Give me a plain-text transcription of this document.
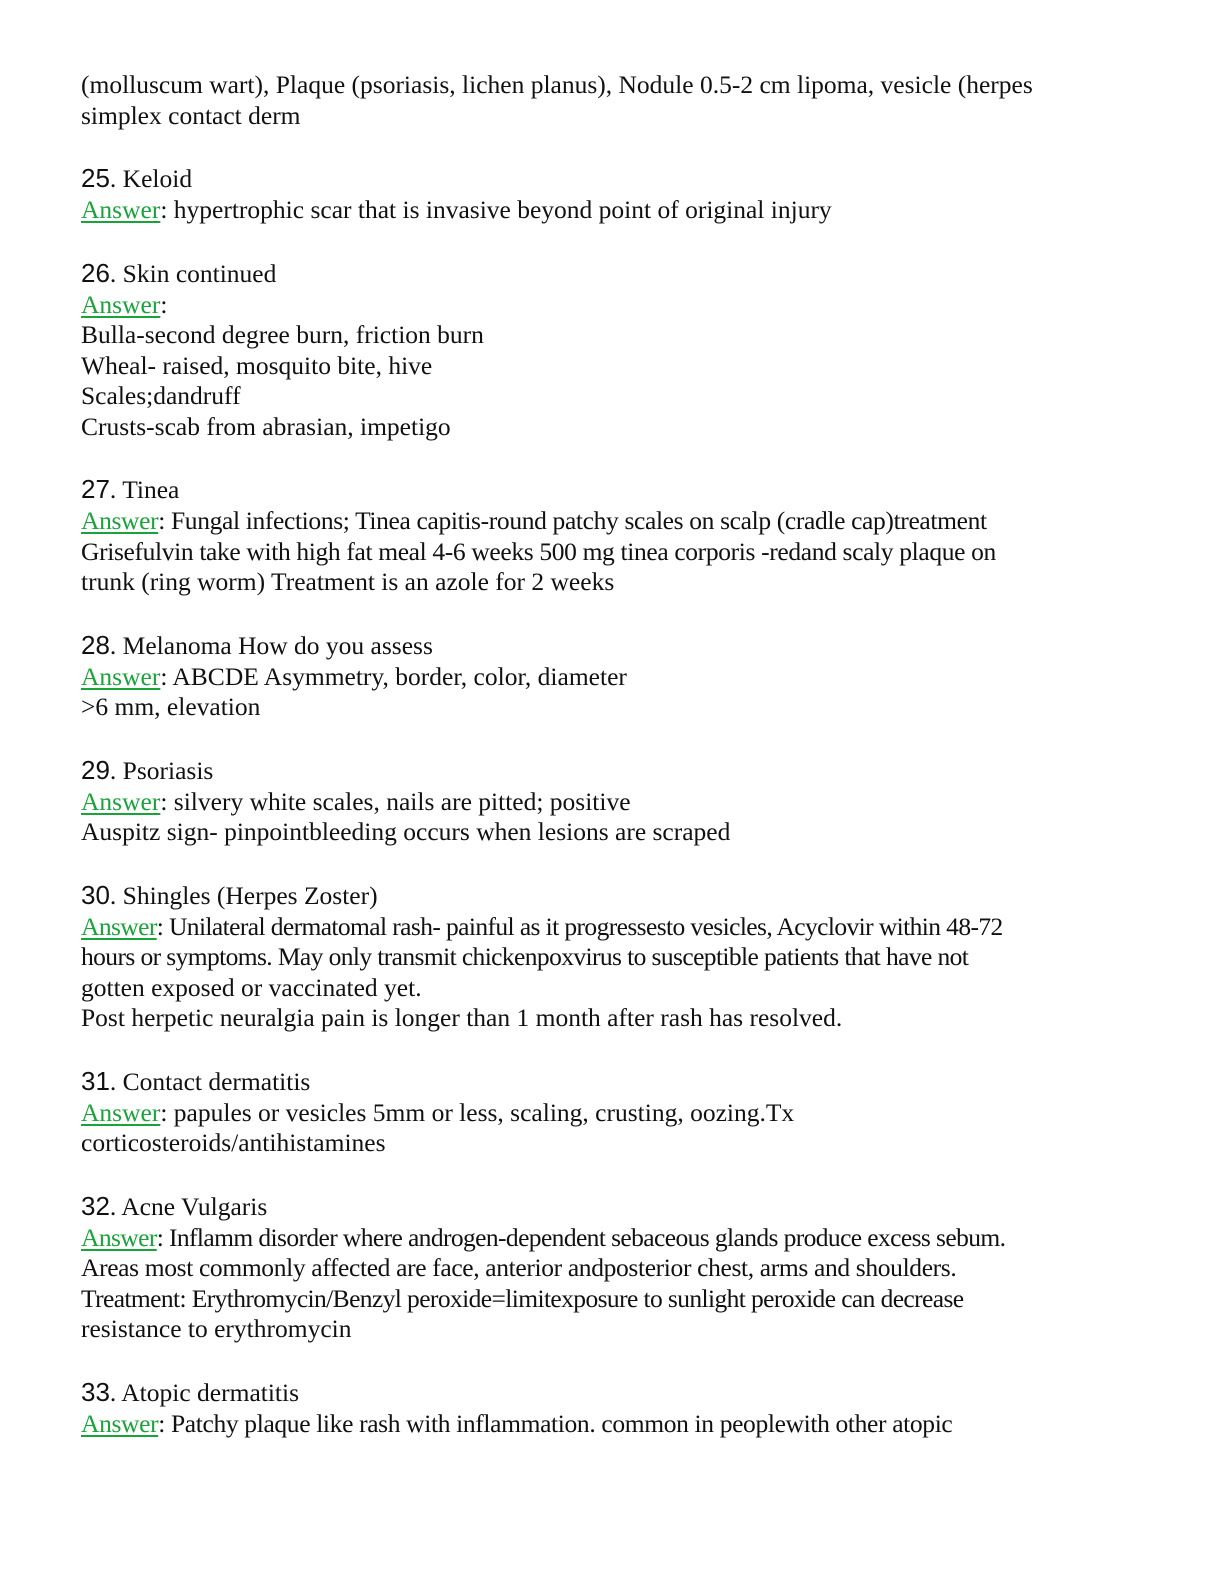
(molluscum wart), Plaque (psoriasis, lichen planus), Nodule 0.5-2 cm lipoma, vesicle (herpes
simplex contact derm
25. Keloid
Answer: hypertrophic scar that is invasive beyond point of original injury
26. Skin continued
Answer:
Bulla-second degree burn, friction burn
Wheal- raised, mosquito bite, hive
Scales;dandruff
Crusts-scab from abrasian, impetigo
27. Tinea
Answer: Fungal infections; Tinea capitis-round patchy scales on scalp (cradle cap)treatment
Grisefulvin take with high fat meal 4-6 weeks 500 mg tinea corporis -redand scaly plaque on
trunk (ring worm) Treatment is an azole for 2 weeks
28. Melanoma How do you assess
Answer: ABCDE Asymmetry, border, color, diameter
>6 mm, elevation
29. Psoriasis
Answer: silvery white scales, nails are pitted; positive
Auspitz sign- pinpointbleeding occurs when lesions are scraped
30. Shingles (Herpes Zoster)
Answer: Unilateral dermatomal rash- painful as it progressesto vesicles, Acyclovir within 48-72
hours or symptoms. May only transmit chickenpoxvirus to susceptible patients that have not
gotten exposed or vaccinated yet.
Post herpetic neuralgia pain is longer than 1 month after rash has resolved.
31. Contact dermatitis
Answer: papules or vesicles 5mm or less, scaling, crusting, oozing.Tx
corticosteroids/antihistamines
32. Acne Vulgaris
Answer: Inflamm disorder where androgen-dependent sebaceous glands produce excess sebum.
Areas most commonly affected are face, anterior andposterior chest, arms and shoulders.
Treatment: Erythromycin/Benzyl peroxide=limitexposure to sunlight peroxide can decrease
resistance to erythromycin
33. Atopic dermatitis
Answer: Patchy plaque like rash with inflammation. common in peoplewith other atopic
